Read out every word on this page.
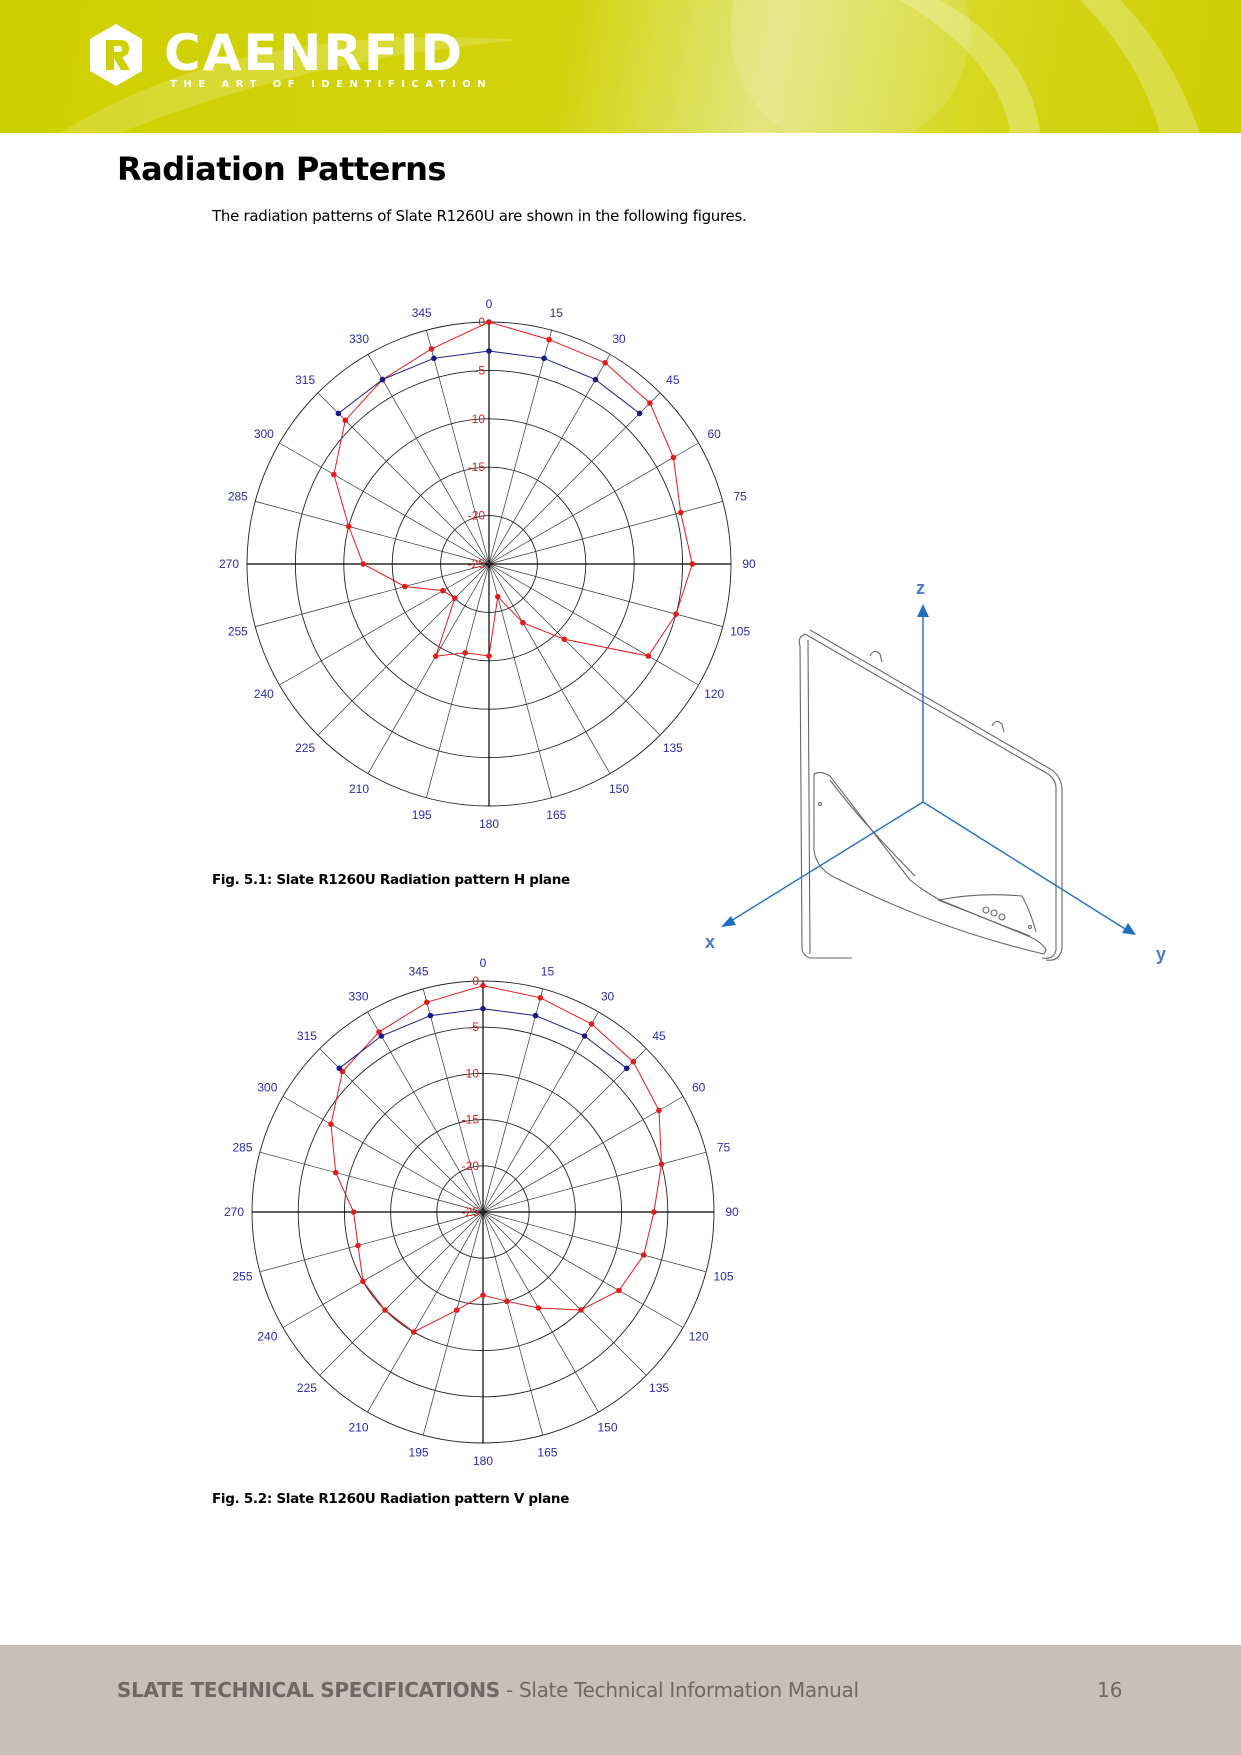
CAENRFID
THE ART OF IDENTIFICATION
Radiation Patterns

The radiation patterns of Slate R1260U are shown in the following figures.

0
15
30
45
60
75
90
105
120
135
150
165
180
195
210
225
240
255
270
285
300
315
330
345
0
-5
-10
-15
-20
-25

Fig. 5.1: Slate R1260U Radiation pattern H plane

0
15
30
45
60
75
90
105
120
135
150
165
180
195
210
225
240
255
270
285
300
315
330
345
0
-5
-10
-15
-20
-25

Fig. 5.2: Slate R1260U Radiation pattern V plane

z
x
y
SLATE TECHNICAL SPECIFICATIONS - Slate Technical Information Manual	16
